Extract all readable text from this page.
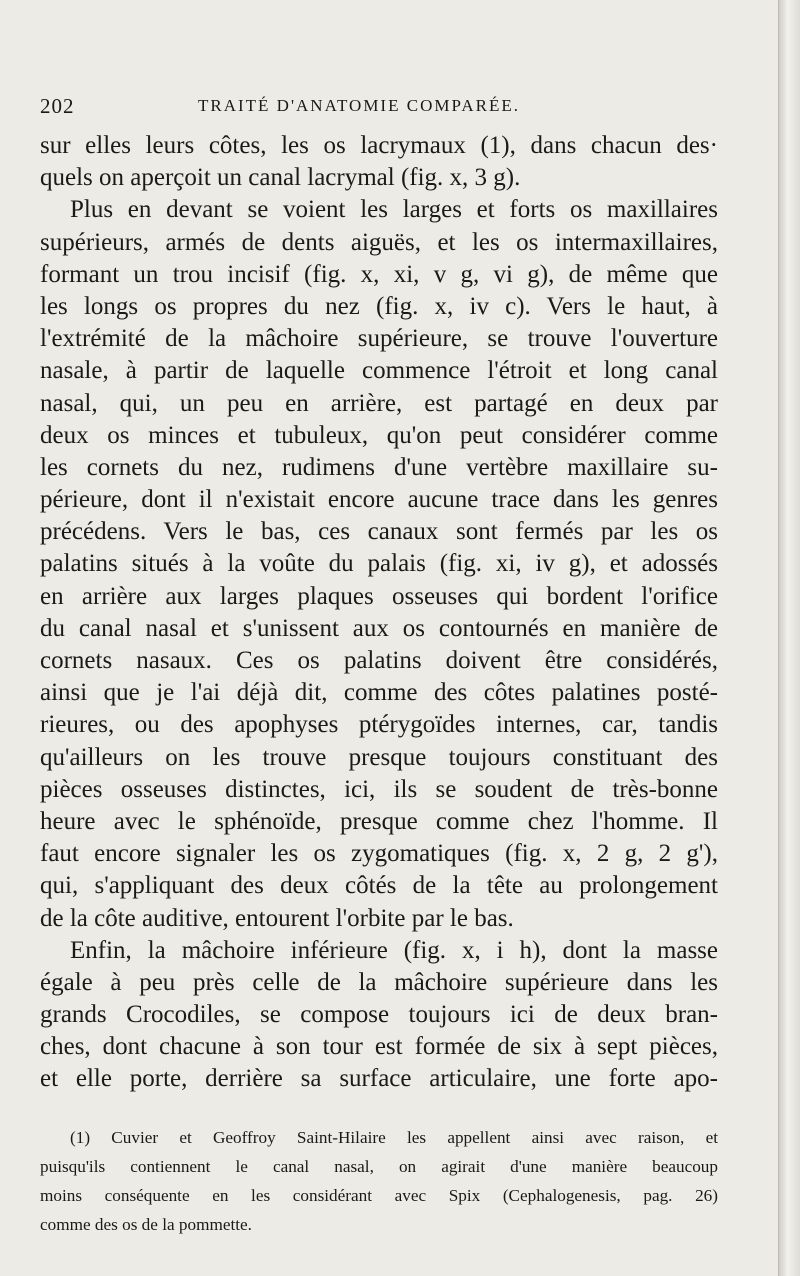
202	TRAITÉ D'ANATOMIE COMPARÉE.
sur elles leurs côtes, les os lacrymaux (1), dans chacun des·
quels on aperçoit un canal lacrymal (fig. x, 3 g).
Plus en devant se voient les larges et forts os maxillaires
supérieurs, armés de dents aiguës, et les os intermaxillaires,
formant un trou incisif (fig. x, xi, v g, vi g), de même que
les longs os propres du nez (fig. x, iv c). Vers le haut, à
l'extrémité de la mâchoire supérieure, se trouve l'ouverture
nasale, à partir de laquelle commence l'étroit et long canal
nasal, qui, un peu en arrière, est partagé en deux par
deux os minces et tubuleux, qu'on peut considérer comme
les cornets du nez, rudimens d'une vertèbre maxillaire su-
périeure, dont il n'existait encore aucune trace dans les genres
précédens. Vers le bas, ces canaux sont fermés par les os
palatins situés à la voûte du palais (fig. xi, iv g), et adossés
en arrière aux larges plaques osseuses qui bordent l'orifice
du canal nasal et s'unissent aux os contournés en manière de
cornets nasaux. Ces os palatins doivent être considérés,
ainsi que je l'ai déjà dit, comme des côtes palatines posté-
rieures, ou des apophyses ptérygoïdes internes, car, tandis
qu'ailleurs on les trouve presque toujours constituant des
pièces osseuses distinctes, ici, ils se soudent de très-bonne
heure avec le sphénoïde, presque comme chez l'homme. Il
faut encore signaler les os zygomatiques (fig. x, 2 g, 2 g'),
qui, s'appliquant des deux côtés de la tête au prolongement
de la côte auditive, entourent l'orbite par le bas.
Enfin, la mâchoire inférieure (fig. x, i h), dont la masse
égale à peu près celle de la mâchoire supérieure dans les
grands Crocodiles, se compose toujours ici de deux bran-
ches, dont chacune à son tour est formée de six à sept pièces,
et elle porte, derrière sa surface articulaire, une forte apo-
(1) Cuvier et Geoffroy Saint-Hilaire les appellent ainsi avec raison, et
puisqu'ils contiennent le canal nasal, on agirait d'une manière beaucoup
moins conséquente en les considérant avec Spix (Cephalogenesis, pag. 26)
comme des os de la pommette.
